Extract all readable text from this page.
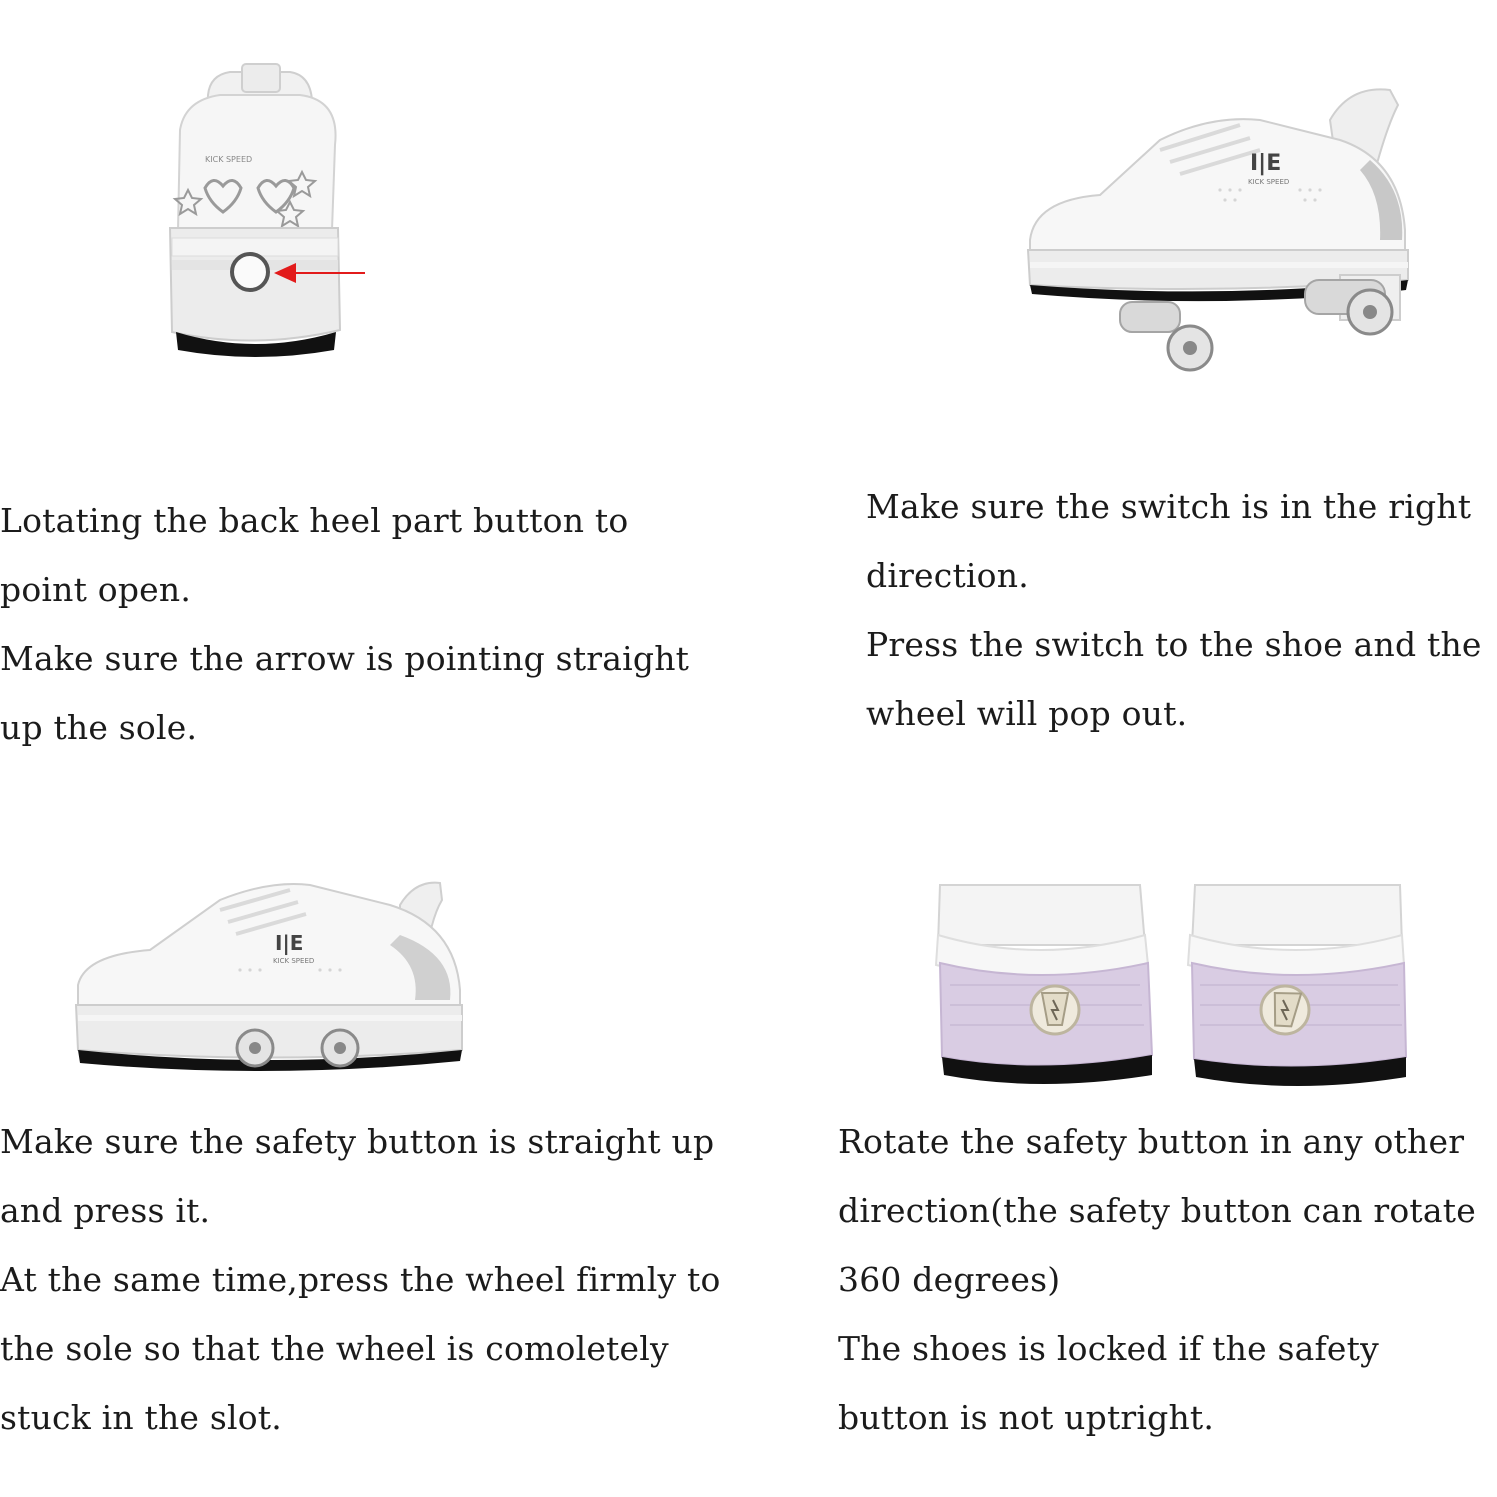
KICK SPEED

Lotating the back heel part button to

point open.

Make sure the arrow is pointing straight

up the sole.

I|E
KICK SPEED

Make sure the switch is in the right

direction.

Press the switch to the shoe and the

wheel will pop out.

I|E
KICK SPEED

Make sure the safety button is straight up

and press it.

At the same time,press the wheel firmly to

the sole so that the wheel is comoletely

stuck in the slot.

Rotate the safety button in any other

direction(the safety button can rotate

360 degrees)

The shoes is locked if the safety

button is not uptright.
